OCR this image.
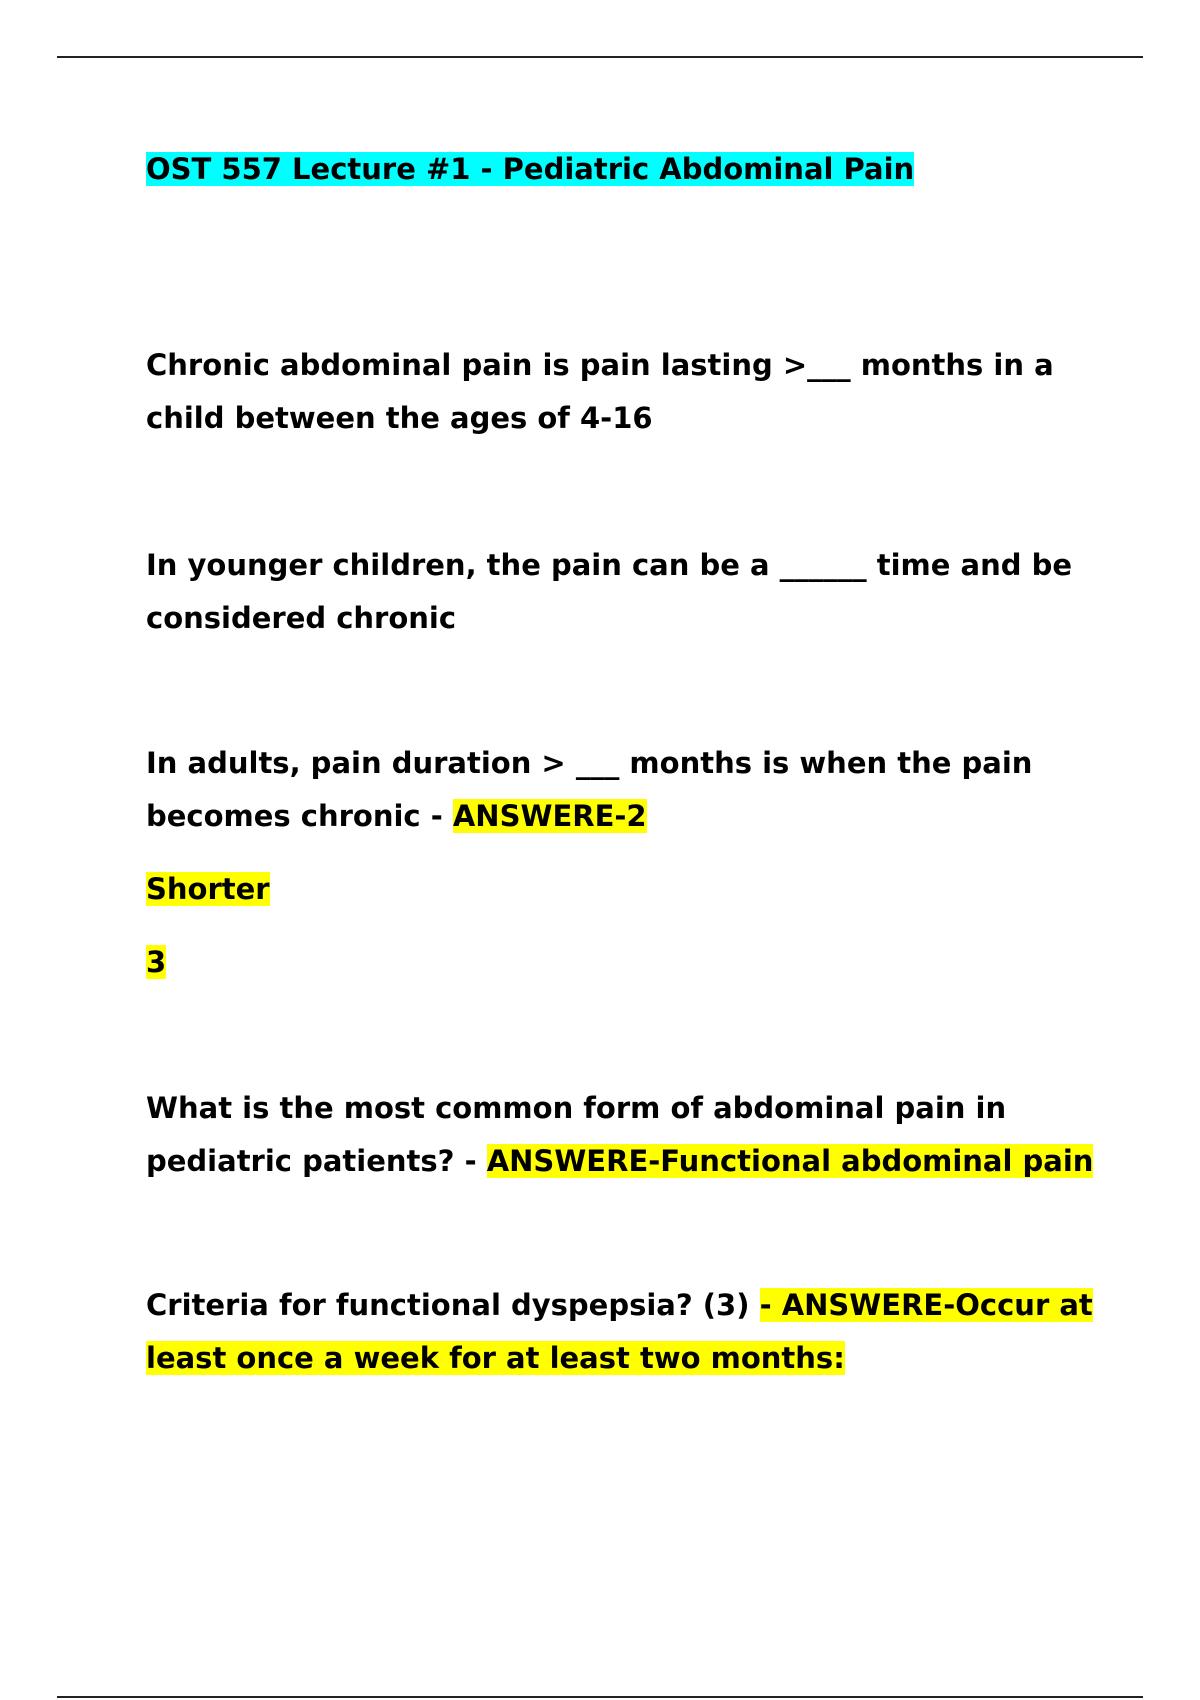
OST 557 Lecture #1 - Pediatric Abdominal Pain

Chronic abdominal pain is pain lasting >___ months in a child between the ages of 4-16

In younger children, the pain can be a ______ time and be considered chronic

In adults, pain duration > ___ months is when the pain becomes chronic - ANSWERE-2

Shorter

3

What is the most common form of abdominal pain in pediatric patients? - ANSWERE-Functional abdominal pain

Criteria for functional dyspepsia? (3) - ANSWERE-Occur at least once a week for at least two months:
